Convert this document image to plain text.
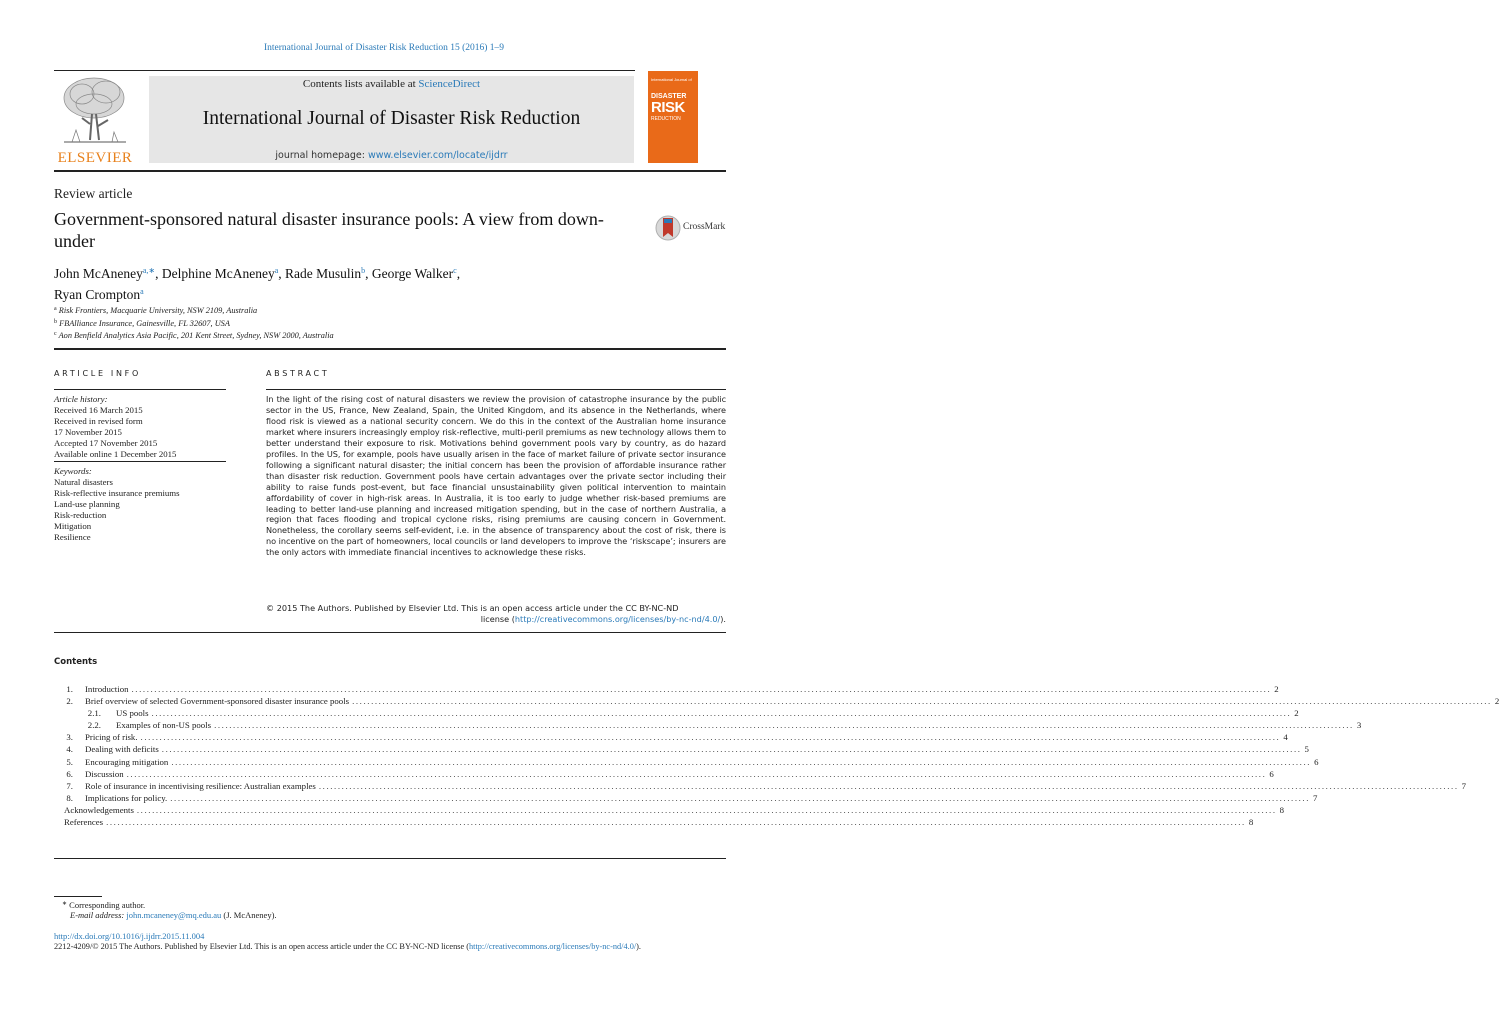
International Journal of Disaster Risk Reduction 15 (2016) 1–9
ELSEVIER
Contents lists available at ScienceDirect
International Journal of Disaster Risk Reduction
journal homepage: www.elsevier.com/locate/ijdrr
International Journal of
DISASTER
RISK
REDUCTION
Review article
Government-sponsored natural disaster insurance pools: A view from down-under
CrossMark
John McAneney$^{a,∗}$, Delphine McAneney$^a$, Rade Musulin$^b$, George Walker$^c$,
Ryan Crompton$^a$
$^a$ Risk Frontiers, Macquarie University, NSW 2109, Australia
$^b$ FBAlliance Insurance, Gainesville, FL 32607, USA
$^c$ Aon Benfield Analytics Asia Pacific, 201 Kent Street, Sydney, NSW 2000, Australia
ARTICLE INFO	ABSTRACT
Article history:
Received 16 March 2015
Received in revised form
17 November 2015
Accepted 17 November 2015
Available online 1 December 2015
Keywords:
Natural disasters
Risk-reflective insurance premiums
Land-use planning
Risk-reduction
Mitigation
Resilience
In the light of the rising cost of natural disasters we review the provision of catastrophe insurance by the public sector in the US, France, New Zealand, Spain, the United Kingdom, and its absence in the Netherlands, where flood risk is viewed as a national security concern. We do this in the context of the Australian home insurance market where insurers increasingly employ risk-reflective, multi-peril premiums as new technology allows them to better understand their exposure to risk. Motivations behind government pools vary by country, as do hazard profiles. In the US, for example, pools have usually arisen in the face of market failure of private sector insurance following a significant natural disaster; the initial concern has been the provision of affordable insurance rather than disaster risk reduction. Government pools have certain advantages over the private sector including their ability to raise funds post-event, but face financial unsustainability given political intervention to maintain affordability of cover in high-risk areas. In Australia, it is too early to judge whether risk-based premiums are leading to better land-use planning and increased mitigation spending, but in the case of northern Australia, a region that faces flooding and tropical cyclone risks, rising premiums are causing concern in Government. Nonetheless, the corollary seems self-evident, i.e. in the absence of transparency about the cost of risk, there is no incentive on the part of homeowners, local councils or land developers to improve the ‘riskscape’; insurers are the only actors with immediate financial incentives to acknowledge these risks.
© 2015 The Authors. Published by Elsevier Ltd. This is an open access article under the CC BY-NC-ND
license (http://creativecommons.org/licenses/by-nc-nd/4.0/).
Contents
1. Introduction ............................................................................................................................................................................................................................................................................................................ 2
2. Brief overview of selected Government-sponsored disaster insurance pools ............................................................................................................................................................................................................................................................................................................ 2
2.1. US pools ............................................................................................................................................................................................................................................................................................................ 2
2.2. Examples of non-US pools ............................................................................................................................................................................................................................................................................................................ 3
3. Pricing of risk. ............................................................................................................................................................................................................................................................................................................ 4
4. Dealing with deficits ............................................................................................................................................................................................................................................................................................................ 5
5. Encouraging mitigation ............................................................................................................................................................................................................................................................................................................ 6
6. Discussion ............................................................................................................................................................................................................................................................................................................ 6
7. Role of insurance in incentivising resilience: Australian examples ............................................................................................................................................................................................................................................................................................................ 7
8. Implications for policy. ............................................................................................................................................................................................................................................................................................................ 7
Acknowledgements ............................................................................................................................................................................................................................................................................................................ 8
References ............................................................................................................................................................................................................................................................................................................ 8
∗ Corresponding author.
E-mail address: john.mcaneney@mq.edu.au (J. McAneney).
http://dx.doi.org/10.1016/j.ijdrr.2015.11.004
2212-4209/© 2015 The Authors. Published by Elsevier Ltd. This is an open access article under the CC BY-NC-ND license (http://creativecommons.org/licenses/by-nc-nd/4.0/).
